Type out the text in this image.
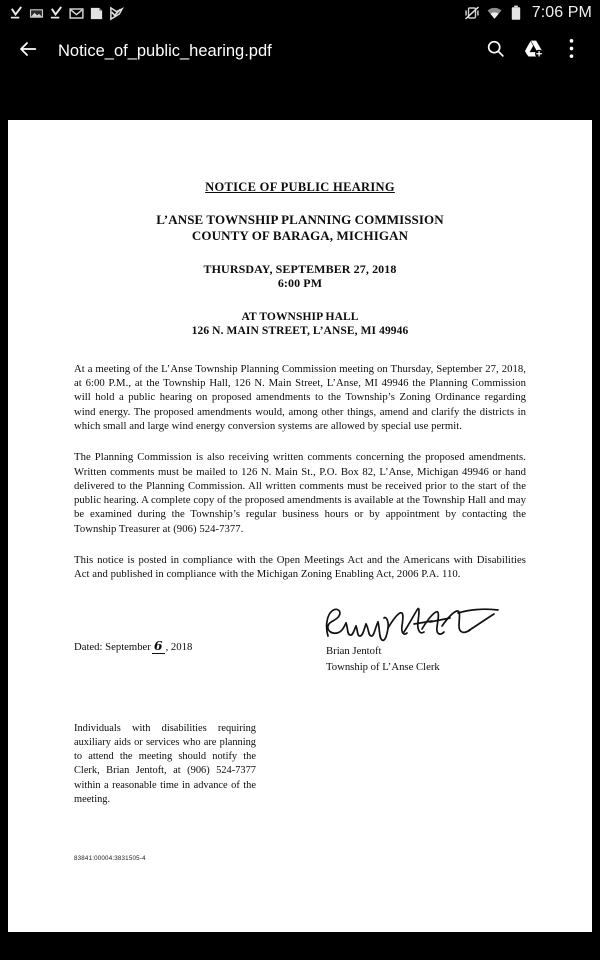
7:06 PM
Notice_of_public_hearing.pdf
NOTICE OF PUBLIC HEARING
L’ANSE TOWNSHIP PLANNING COMMISSION
COUNTY OF BARAGA, MICHIGAN
THURSDAY, SEPTEMBER 27, 2018
6:00 PM
AT TOWNSHIP HALL
126 N. MAIN STREET, L’ANSE, MI 49946

At a meeting of the L’Anse Township Planning Commission meeting on Thursday, September 27, 2018, at 6:00 P.M., at the Township Hall, 126 N. Main Street, L’Anse, MI 49946 the Planning Commission will hold a public hearing on proposed amendments to the Township’s Zoning Ordinance regarding wind energy. The proposed amendments would, among other things, amend and clarify the districts in which small and large wind energy conversion systems are allowed by special use permit.

The Planning Commission is also receiving written comments concerning the proposed amendments. Written comments must be mailed to 126 N. Main St., P.O. Box 82, L’Anse, Michigan 49946 or hand delivered to the Planning Commission. All written comments must be received prior to the start of the public hearing. A complete copy of the proposed amendments is available at the Township Hall and may be examined during the Township’s regular business hours or by appointment by contacting the Township Treasurer at (906) 524-7377.

This notice is posted in compliance with the Open Meetings Act and the Americans with Disabilities Act and published in compliance with the Michigan Zoning Enabling Act, 2006 P.A. 110.

Dated: September 6 , 2018	Brian Jentoft
Township of L’Anse Clerk

Individuals with disabilities requiring auxiliary aids or services who are planning to attend the meeting should notify the Clerk, Brian Jentoft, at (906) 524-7377 within a reasonable time in advance of the meeting.

83841:00004:3831505-4
